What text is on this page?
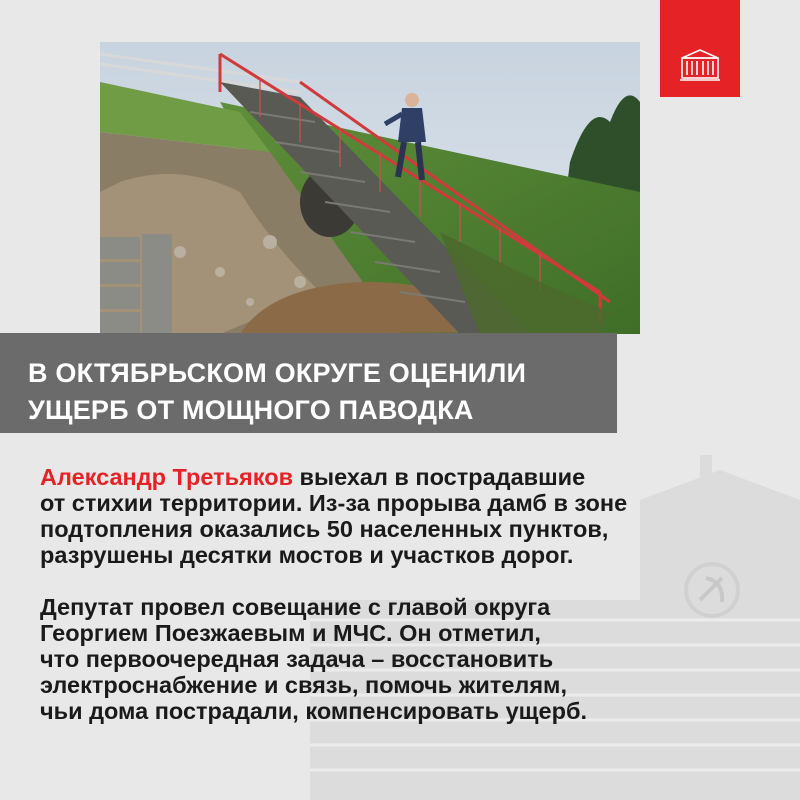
В ОКТЯБРЬСКОМ ОКРУГЕ ОЦЕНИЛИ
УЩЕРБ ОТ МОЩНОГО ПАВОДКА

Александр Третьяков выехал в пострадавшие
от стихии территории. Из-за прорыва дамб в зоне
подтопления оказались 50 населенных пунктов,
разрушены десятки мостов и участков дорог.

Депутат провел совещание с главой округа
Георгием Поезжаевым и МЧС. Он отметил,
что первоочередная задача – восстановить
электроснабжение и связь, помочь жителям,
чьи дома пострадали, компенсировать ущерб.
